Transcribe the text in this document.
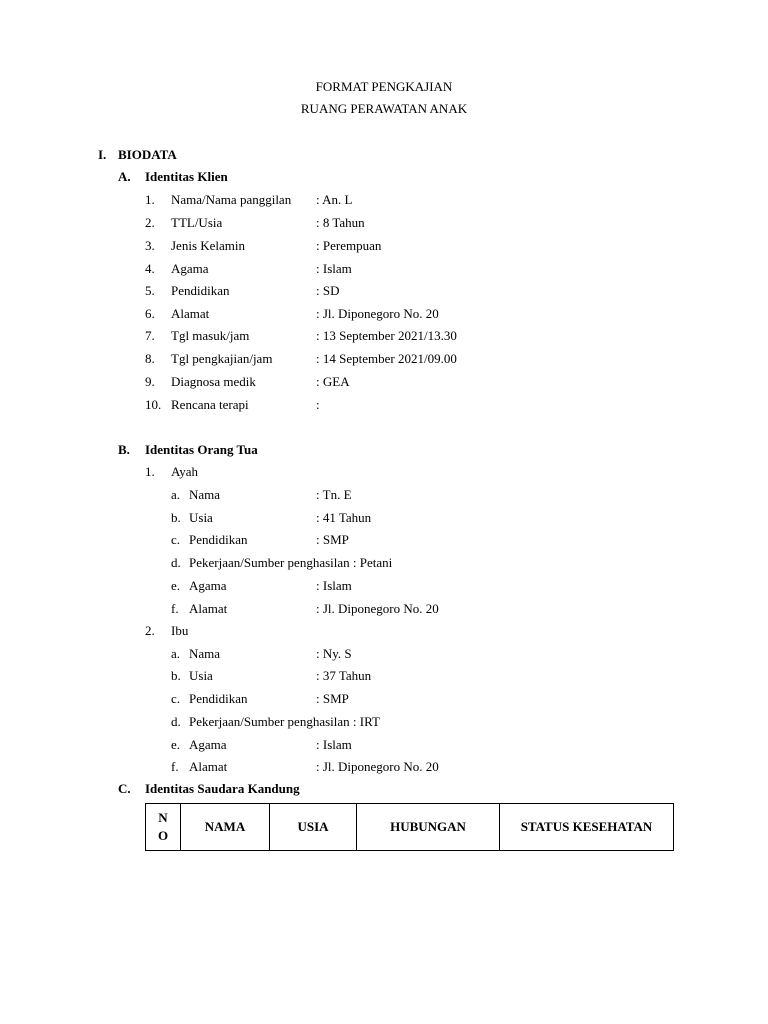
FORMAT PENGKAJIAN
RUANG PERAWATAN ANAK
I. BIODATA
A. Identitas Klien
1. Nama/Nama panggilan : An. L
2. TTL/Usia	: 8 Tahun
3. Jenis Kelamin	: Perempuan
4. Agama	: Islam
5. Pendidikan	: SD
6. Alamat	: Jl. Diponegoro No. 20
7. Tgl masuk/jam	: 13 September 2021/13.30
8. Tgl pengkajian/jam	: 14 September 2021/09.00
9. Diagnosa medik	: GEA
10. Rencana terapi	:
B. Identitas Orang Tua
1. Ayah
a. Nama	: Tn. E
b. Usia	: 41 Tahun
c. Pendidikan	: SMP
d. Pekerjaan/Sumber penghasilan : Petani
e. Agama	: Islam
f. Alamat	: Jl. Diponegoro No. 20
2. Ibu
a. Nama	: Ny. S
b. Usia	: 37 Tahun
c. Pendidikan	: SMP
d. Pekerjaan/Sumber penghasilan : IRT
e. Agama	: Islam
f. Alamat	: Jl. Diponegoro No. 20
C. Identitas Saudara Kandung
N
O	NAMA	USIA	HUBUNGAN	STATUS KESEHATAN
